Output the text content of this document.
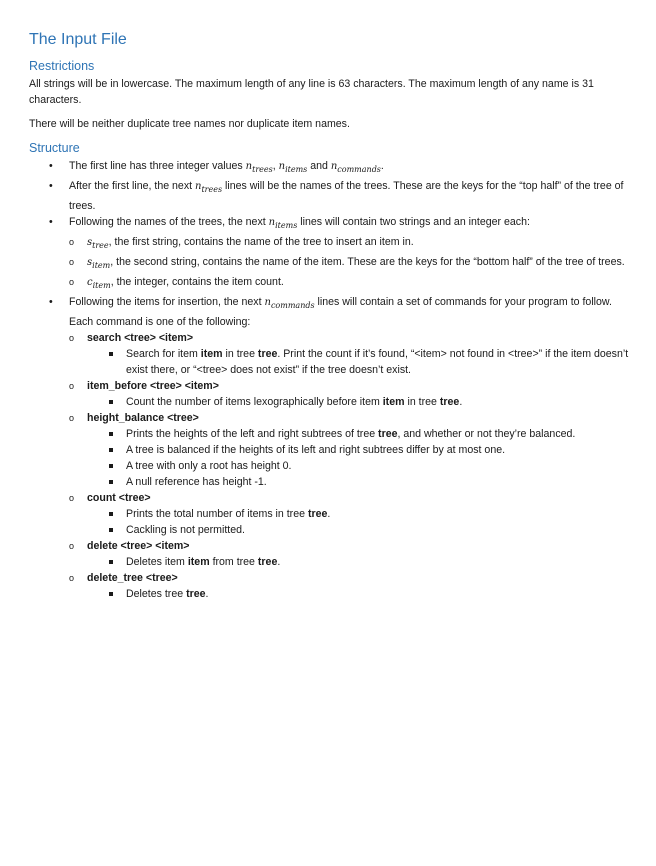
The Input File
Restrictions

All strings will be in lowercase. The maximum length of any line is 63 characters. The maximum length of any name is 31 characters.

There will be neither duplicate tree names nor duplicate item names.

Structure
• The first line has three integer values $n_{trees}$, $n_{items}$ and $n_{commands}$.
• After the first line, the next $n_{trees}$ lines will be the names of the trees. These are the keys for the “top half” of the tree of trees.
• Following the names of the trees, the next $n_{items}$ lines will contain two strings and an integer each:
o $s_{tree}$, the first string, contains the name of the tree to insert an item in.
o $s_{item}$, the second string, contains the name of the item. These are the keys for the “bottom half” of the tree of trees.
o $c_{item}$, the integer, contains the item count.
• Following the items for insertion, the next $n_{commands}$ lines will contain a set of commands for your program to follow. Each command is one of the following:
o search <tree> <item>
Search for item item in tree tree. Print the count if it’s found, “<item> not found in <tree>” if the item doesn’t exist there, or “<tree> does not exist” if the tree doesn’t exist.
o item_before <tree> <item>
Count the number of items lexographically before item item in tree tree.
o height_balance <tree>
Prints the heights of the left and right subtrees of tree tree, and whether or not they’re balanced.
A tree is balanced if the heights of its left and right subtrees differ by at most one.
A tree with only a root has height 0.
A null reference has height -1.
o count <tree>
Prints the total number of items in tree tree.
Cackling is not permitted.
o delete <tree> <item>
Deletes item item from tree tree.
o delete_tree <tree>
Deletes tree tree.
